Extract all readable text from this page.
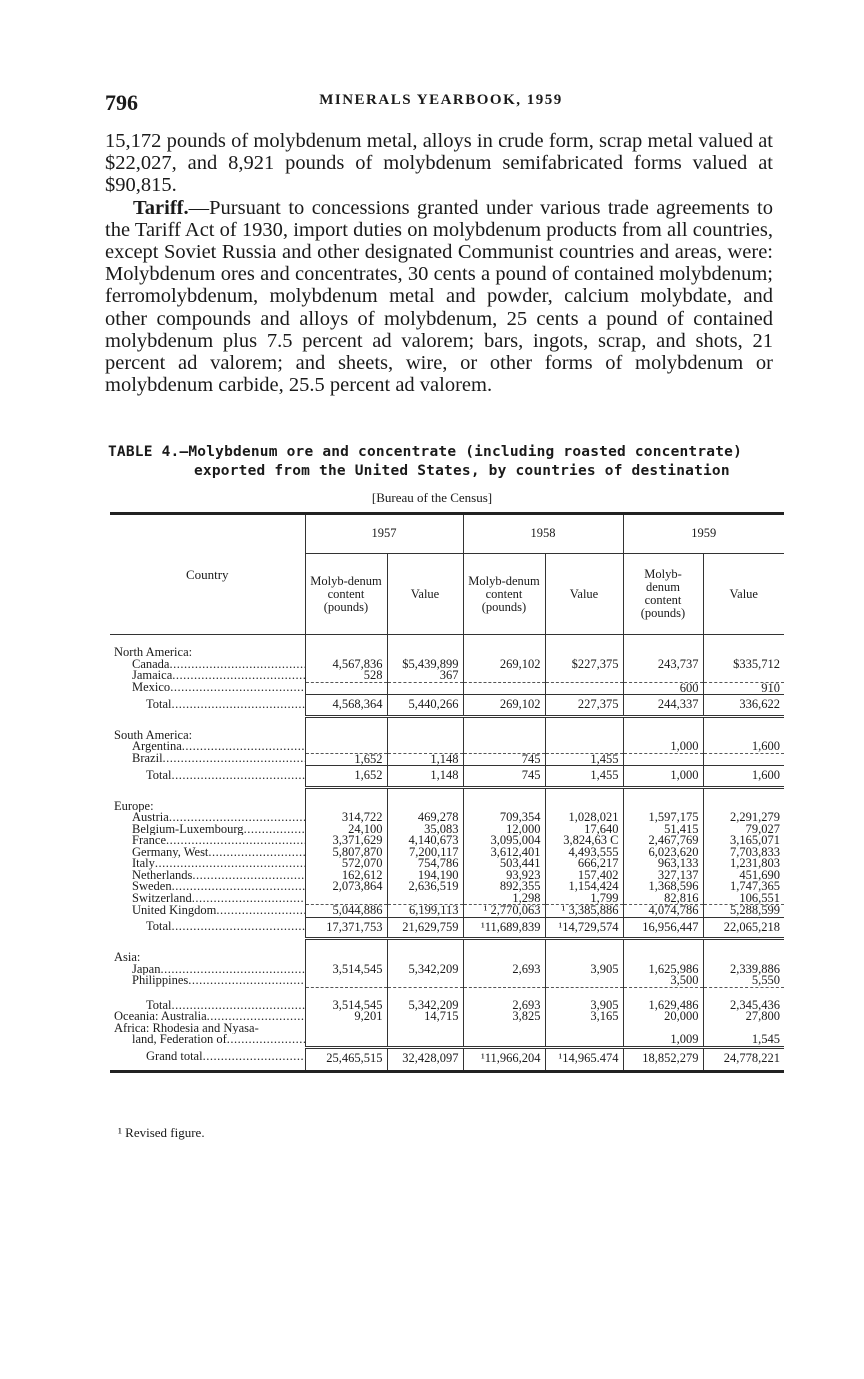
796	MINERALS YEARBOOK, 1959

15,172 pounds of molybdenum metal, alloys in crude form, scrap metal valued at $22,027, and 8,921 pounds of molybdenum semifabricated forms valued at $90,815.

Tariff.—Pursuant to concessions granted under various trade agreements to the Tariff Act of 1930, import duties on molybdenum products from all countries, except Soviet Russia and other designated Communist countries and areas, were: Molybdenum ores and concentrates, 30 cents a pound of contained molybdenum; ferromolybdenum, molybdenum metal and powder, calcium molybdate, and other compounds and alloys of molybdenum, 25 cents a pound of contained molybdenum plus 7.5 percent ad valorem; bars, ingots, scrap, and shots, 21 percent ad valorem; and sheets, wire, or other forms of molybdenum or molybdenum carbide, 25.5 percent ad valorem.

TABLE 4.—Molybdenum ore and concentrate (including roasted concentrate)
exported from the United States, by countries of destination
[Bureau of the Census]
Country	1957		1958		1959	
	Molyb-denum content (pounds)	Value	Molyb-denum content (pounds)	Value	Molyb-denum content (pounds)	Value

North America:						
Canada .....	4,567,836	$5,439,899	269,102	$227,375	243,737	$335,712
Jamaica .....	528	367				
Mexico .....					600	910
Total .....	4,568,364	5,440,266	269,102	227,375	244,337	336,622

South America:						
Argentina .....					1,000	1,600
Brazil .....	1,652	1,148	745	1,455		
Total .....	1,652	1,148	745	1,455	1,000	1,600

Europe:						
Austria .....	314,722	469,278	709,354	1,028,021	1,597,175	2,291,279
Belgium-Luxembourg .....	24,100	35,083	12,000	17,640	51,415	79,027
France .....	3,371,629	4,140,673	3,095,004	3,824,63 C	2,467,769	3,165,071
Germany, West .....	5,807,870	7,200,117	3,612,401	4,493,555	6,023,620	7,703,833
Italy .....	572,070	754,786	503,441	666,217	963,133	1,231,803
Netherlands .....	162,612	194,190	93,923	157,402	327,137	451,690
Sweden .....	2,073,864	2,636,519	892,355	1,154,424	1,368,596	1,747,365
Switzerland .....			1,298	1,799	82,816	106,551
United Kingdom .....	5,044,886	6,199,113	¹ 2,770,063	¹ 3,385,886	4,074,786	5,288,599
Total .....	17,371,753	21,629,759	¹11,689,839	¹14,729,574	16,956,447	22,065,218

Asia:						
Japan .....	3,514,545	5,342,209	2,693	3,905	1,625,986	2,339,886
Philippines .....					3,500	5,550

Total .....	3,514,545	5,342,209	2,693	3,905	1,629,486	2,345,436
Oceania: Australia .....	9,201	14,715	3,825	3,165	20,000	27,800
Africa: Rhodesia and Nyasa-						
land, Federation of .....					1,009	1,545
Grand total .....	25,465,515	32,428,097	¹11,966,204	¹14,965.474	18,852,279	24,778,221
¹ Revised figure.
